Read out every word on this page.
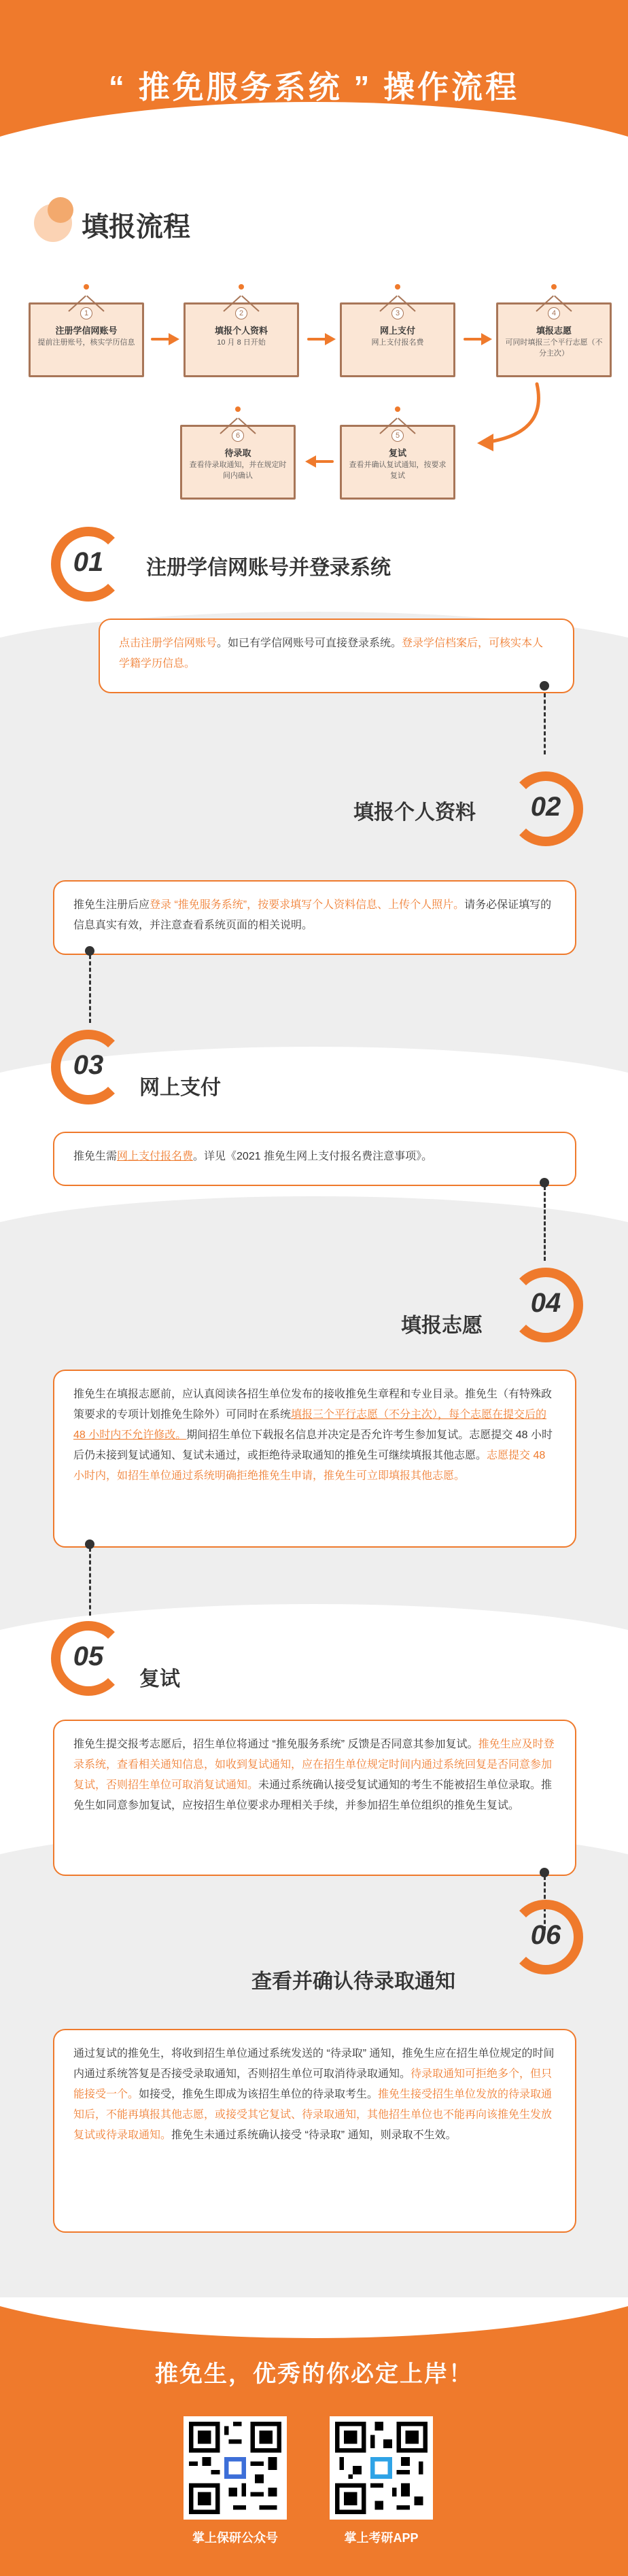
“ 推免服务系统 ” 操作流程
填报流程
1
注册学信网账号
提前注册账号，核实学历信息
2
填报个人资料
10 月 8 日开始
3
网上支付
网上支付报名费
4
填报志愿
可同时填报三个平行志愿（不分主次）
6
待录取
查看待录取通知，并在规定时间内确认
5
复试
查看并确认复试通知，按要求复试
01	注册学信网账号并登录系统
点击注册学信网账号。如已有学信网账号可直接登录系统。登录学信档案后，可核实本人学籍学历信息。
02
填报个人资料
推免生注册后应登录 “推免服务系统”，按要求填写个人资料信息、上传个人照片。请务必保证填写的信息真实有效，并注意查看系统页面的相关说明。
03
网上支付
推免生需网上支付报名费。详见《2021 推免生网上支付报名费注意事项》。
04
填报志愿
推免生在填报志愿前，应认真阅读各招生单位发布的接收推免生章程和专业目录。推免生（有特殊政策要求的专项计划推免生除外）可同时在系统填报三个平行志愿（不分主次），每个志愿在提交后的 48 小时内不允许修改。期间招生单位下载报名信息并决定是否允许考生参加复试。志愿提交 48 小时后仍未接到复试通知、复试未通过，或拒绝待录取通知的推免生可继续填报其他志愿。志愿提交 48 小时内，如招生单位通过系统明确拒绝推免生申请，推免生可立即填报其他志愿。
05
复试
推免生提交报考志愿后，招生单位将通过 “推免服务系统” 反馈是否同意其参加复试。推免生应及时登录系统，查看相关通知信息，如收到复试通知，应在招生单位规定时间内通过系统回复是否同意参加复试，否则招生单位可取消复试通知。未通过系统确认接受复试通知的考生不能被招生单位录取。推免生如同意参加复试，应按招生单位要求办理相关手续，并参加招生单位组织的推免生复试。
06
查看并确认待录取通知
通过复试的推免生，将收到招生单位通过系统发送的 “待录取” 通知，推免生应在招生单位规定的时间内通过系统答复是否接受录取通知，否则招生单位可取消待录取通知。待录取通知可拒绝多个，但只能接受一个。如接受，推免生即成为该招生单位的待录取考生。推免生接受招生单位发放的待录取通知后，不能再填报其他志愿，或接受其它复试、待录取通知，其他招生单位也不能再向该推免生发放复试或待录取通知。推免生未通过系统确认接受 “待录取” 通知，则录取不生效。
推免生，优秀的你必定上岸！
掌上保研公众号	掌上考研APP
